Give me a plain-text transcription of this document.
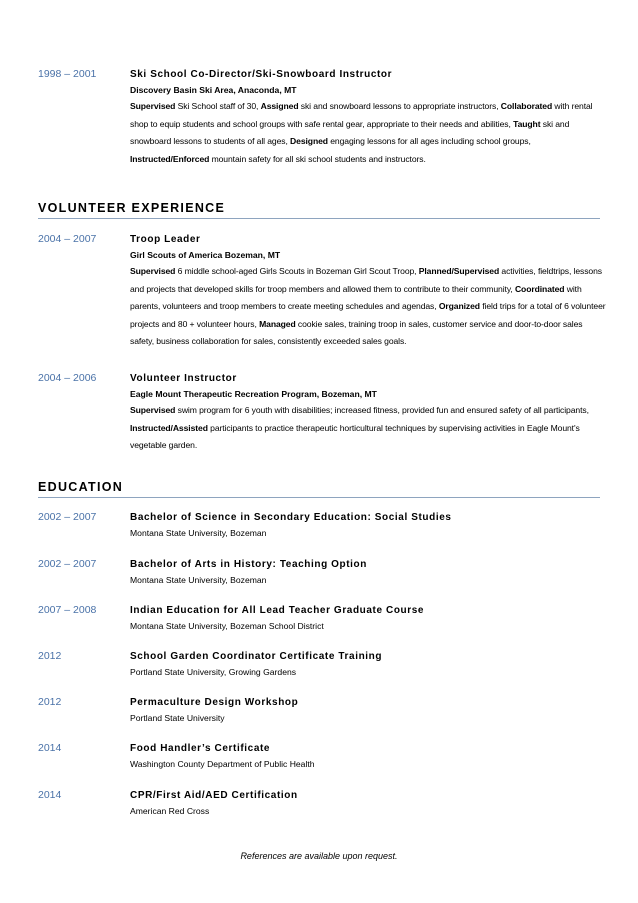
1998 – 2001	Ski School Co-Director/Ski-Snowboard Instructor

Discovery Basin Ski Area, Anaconda, MT

Supervised Ski School staff of 30, Assigned ski and snowboard lessons to appropriate instructors, Collaborated with rental shop to equip students and school groups with safe rental gear, appropriate to their needs and abilities, Taught ski and snowboard lessons to students of all ages, Designed engaging lessons for all ages including school groups, Instructed/Enforced mountain safety for all ski school students and instructors.

VOLUNTEER EXPERIENCE

2004 – 2007	Troop Leader

Girl Scouts of America Bozeman, MT

Supervised 6 middle school-aged Girls Scouts in Bozeman Girl Scout Troop, Planned/Supervised activities, fieldtrips, lessons and projects that developed skills for troop members and allowed them to contribute to their community, Coordinated with parents, volunteers and troop members to create meeting schedules and agendas, Organized field trips for a total of 6 volunteer projects and 80 + volunteer hours, Managed cookie sales, training troop in sales, customer service and door-to-door sales safety, business collaboration for sales, consistently exceeded sales goals.

2004 – 2006	Volunteer Instructor

Eagle Mount Therapeutic Recreation Program, Bozeman, MT

Supervised swim program for 6 youth with disabilities; increased fitness, provided fun and ensured safety of all participants, Instructed/Assisted participants to practice therapeutic horticultural techniques by supervising activities in Eagle Mount's vegetable garden.

EDUCATION

2002 – 2007	Bachelor of Science in Secondary Education: Social Studies

Montana State University, Bozeman

2002 – 2007	Bachelor of Arts in History: Teaching Option

Montana State University, Bozeman

2007 – 2008	Indian Education for All Lead Teacher Graduate Course

Montana State University, Bozeman School District

2012	School Garden Coordinator Certificate Training

Portland State University, Growing Gardens

2012	Permaculture Design Workshop

Portland State University

2014	Food Handler’s Certificate

Washington County Department of Public Health

2014	CPR/First Aid/AED Certification

American Red Cross

References are available upon request.
